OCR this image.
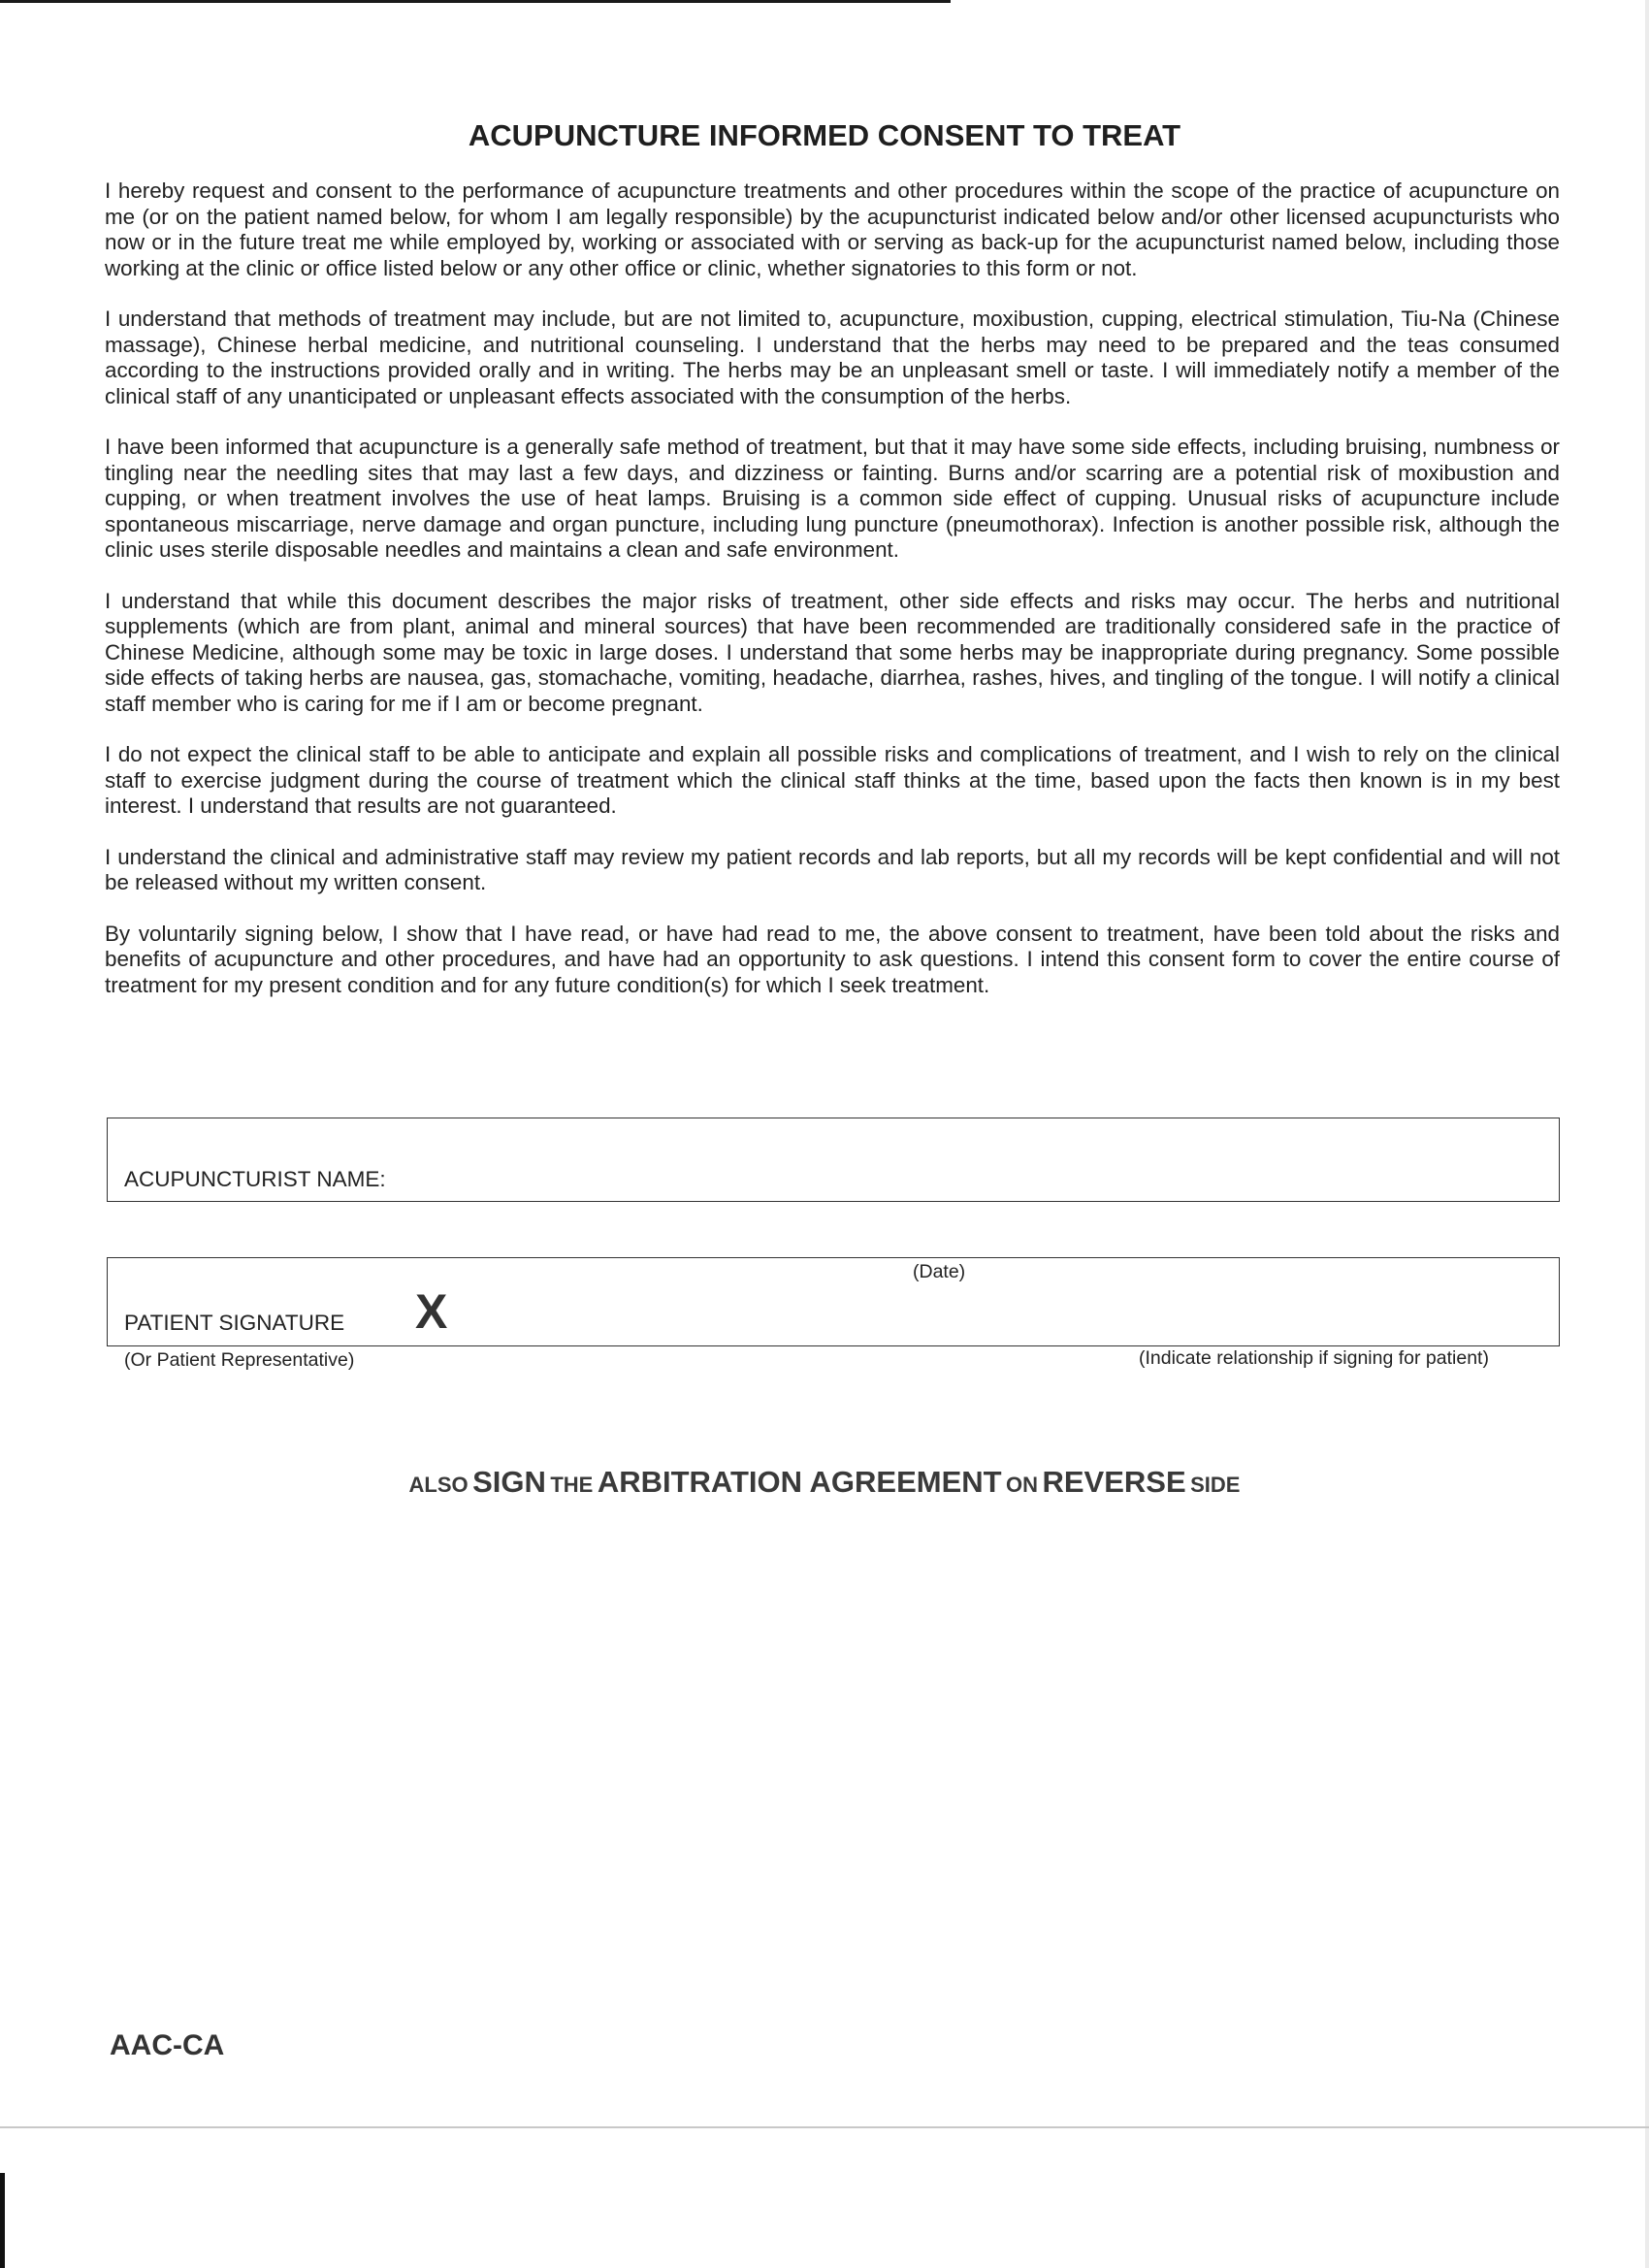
ACUPUNCTURE INFORMED CONSENT TO TREAT

I hereby request and consent to the performance of acupuncture treatments and other procedures within the scope of the practice of acupuncture on me (or on the patient named below, for whom I am legally responsible) by the acupuncturist indicated below and/or other licensed acupuncturists who now or in the future treat me while employed by, working or associated with or serving as back-up for the acupuncturist named below, including those working at the clinic or office listed below or any other office or clinic, whether signatories to this form or not.

I understand that methods of treatment may include, but are not limited to, acupuncture, moxibustion, cupping, electrical stimulation, Tiu-Na (Chinese massage), Chinese herbal medicine, and nutritional counseling. I understand that the herbs may need to be prepared and the teas consumed according to the instructions provided orally and in writing. The herbs may be an unpleasant smell or taste. I will immediately notify a member of the clinical staff of any unanticipated or unpleasant effects associated with the consumption of the herbs.

I have been informed that acupuncture is a generally safe method of treatment, but that it may have some side effects, including bruising, numbness or tingling near the needling sites that may last a few days, and dizziness or fainting. Burns and/or scarring are a potential risk of moxibustion and cupping, or when treatment involves the use of heat lamps. Bruising is a common side effect of cupping. Unusual risks of acupuncture include spontaneous miscarriage, nerve damage and organ puncture, including lung puncture (pneumothorax). Infection is another possible risk, although the clinic uses sterile disposable needles and maintains a clean and safe environment.

I understand that while this document describes the major risks of treatment, other side effects and risks may occur. The herbs and nutritional supplements (which are from plant, animal and mineral sources) that have been recommended are traditionally considered safe in the practice of Chinese Medicine, although some may be toxic in large doses. I understand that some herbs may be inappropriate during pregnancy. Some possible side effects of taking herbs are nausea, gas, stomachache, vomiting, headache, diarrhea, rashes, hives, and tingling of the tongue. I will notify a clinical staff member who is caring for me if I am or become pregnant.

I do not expect the clinical staff to be able to anticipate and explain all possible risks and complications of treatment, and I wish to rely on the clinical staff to exercise judgment during the course of treatment which the clinical staff thinks at the time, based upon the facts then known is in my best interest. I understand that results are not guaranteed.

I understand the clinical and administrative staff may review my patient records and lab reports, but all my records will be kept confidential and will not be released without my written consent.

By voluntarily signing below, I show that I have read, or have had read to me, the above consent to treatment, have been told about the risks and benefits of acupuncture and other procedures, and have had an opportunity to ask questions. I intend this consent form to cover the entire course of treatment for my present condition and for any future condition(s) for which I seek treatment.

ACUPUNCTURIST NAME:
(Date)
PATIENT SIGNATURE X
(Or Patient Representative)	(Indicate relationship if signing for patient)
ALSO SIGN THE ARBITRATION AGREEMENT ON REVERSE SIDE
AAC-CA
